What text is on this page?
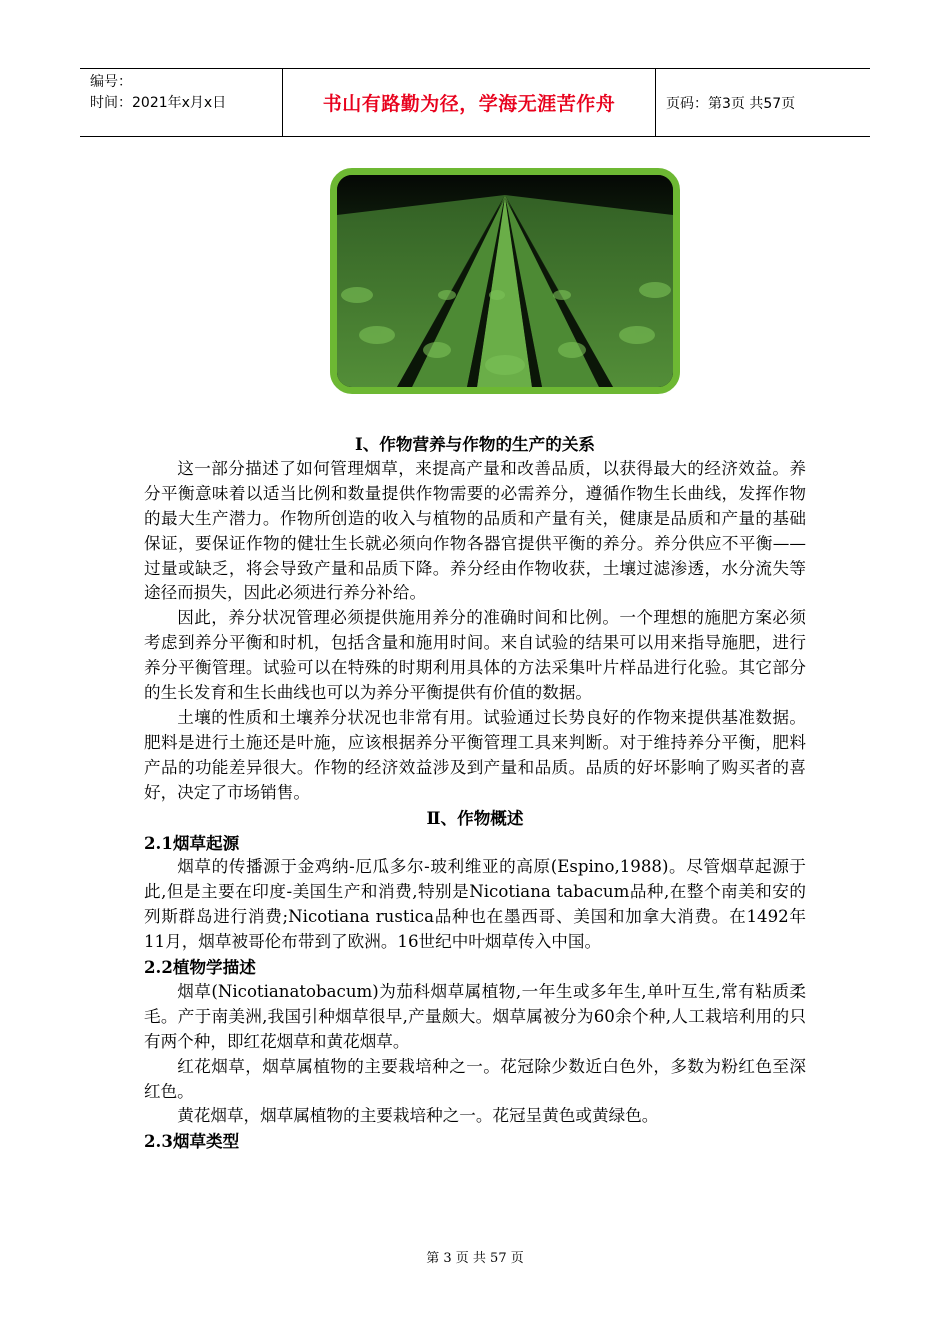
编号：
时间：2021年x月x日	书山有路勤为径，学海无涯苦作舟	页码：第3页 共57页

Ⅰ、作物营养与作物的生产的关系

这一部分描述了如何管理烟草，来提高产量和改善品质，以获得最大的经济效益。养分平衡意味着以适当比例和数量提供作物需要的必需养分，遵循作物生长曲线，发挥作物的最大生产潜力。作物所创造的收入与植物的品质和产量有关，健康是品质和产量的基础保证，要保证作物的健壮生长就必须向作物各器官提供平衡的养分。养分供应不平衡——过量或缺乏，将会导致产量和品质下降。养分经由作物收获，土壤过滤渗透，水分流失等途径而损失，因此必须进行养分补给。

因此，养分状况管理必须提供施用养分的准确时间和比例。一个理想的施肥方案必须考虑到养分平衡和时机，包括含量和施用时间。来自试验的结果可以用来指导施肥，进行养分平衡管理。试验可以在特殊的时期利用具体的方法采集叶片样品进行化验。其它部分的生长发育和生长曲线也可以为养分平衡提供有价值的数据。

土壤的性质和土壤养分状况也非常有用。试验通过长势良好的作物来提供基准数据。肥料是进行土施还是叶施，应该根据养分平衡管理工具来判断。对于维持养分平衡，肥料产品的功能差异很大。作物的经济效益涉及到产量和品质。品质的好坏影响了购买者的喜好，决定了市场销售。

Ⅱ、作物概述

2.1烟草起源

烟草的传播源于金鸡纳-厄瓜多尔-玻利维亚的高原(Espino,1988)。尽管烟草起源于此,但是主要在印度-美国生产和消费,特别是Nicotiana tabacum品种,在整个南美和安的列斯群岛进行消费;Nicotiana rustica品种也在墨西哥、美国和加拿大消费。在1492年11月，烟草被哥伦布带到了欧洲。16世纪中叶烟草传入中国。

2.2植物学描述

烟草(Nicotianatobacum)为茄科烟草属植物,一年生或多年生,单叶互生,常有粘质柔毛。产于南美洲,我国引种烟草很早,产量颇大。烟草属被分为60余个种,人工栽培利用的只有两个种，即红花烟草和黄花烟草。

红花烟草，烟草属植物的主要栽培种之一。花冠除少数近白色外，多数为粉红色至深红色。

黄花烟草，烟草属植物的主要栽培种之一。花冠呈黄色或黄绿色。

2.3烟草类型

第 3 页 共 57 页
